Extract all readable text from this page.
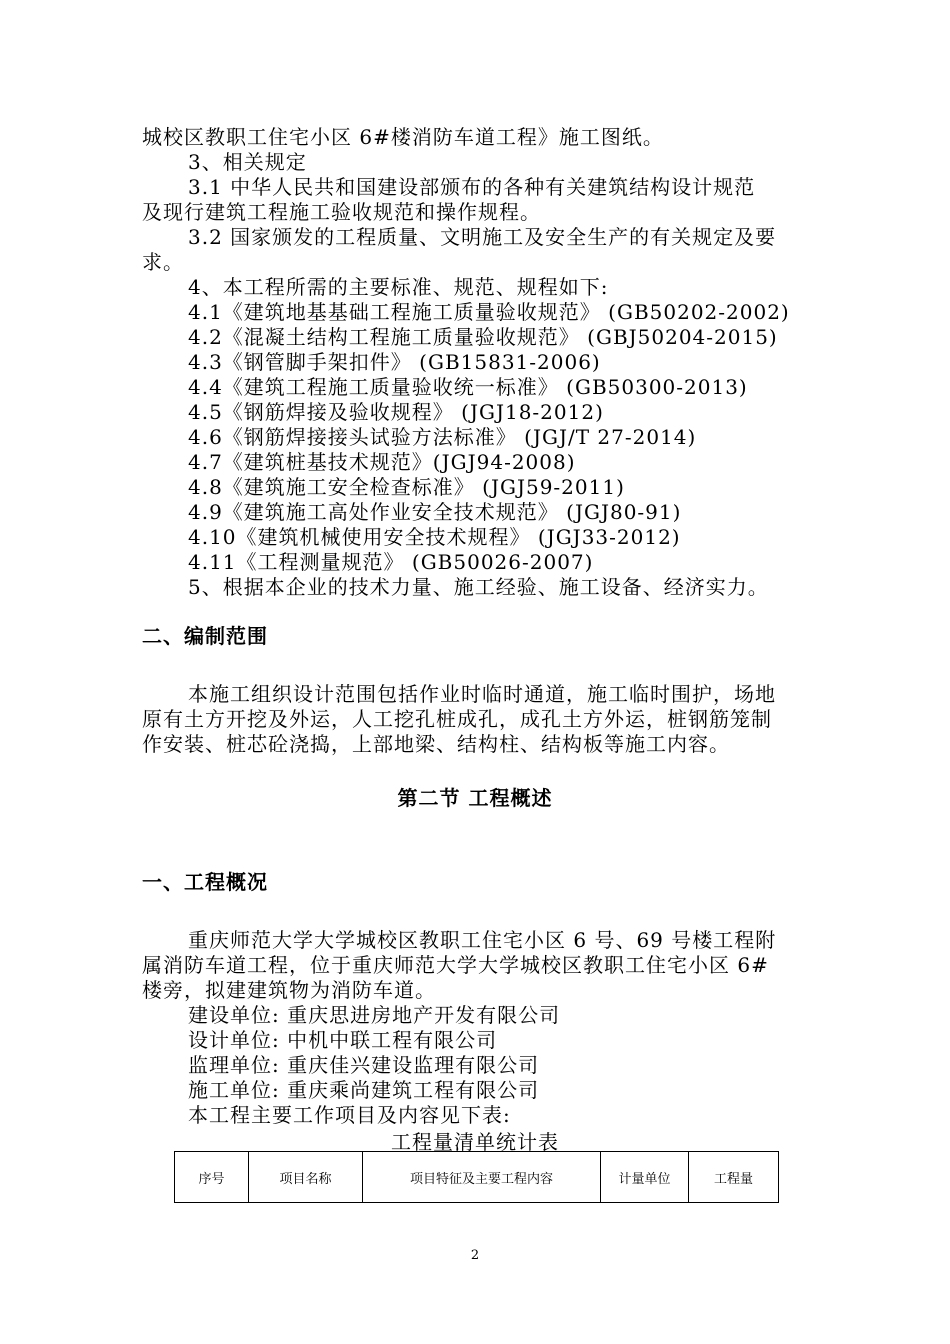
城校区教职工住宅小区 6#楼消防车道工程》施工图纸。
3、相关规定
3.1 中华人民共和国建设部颁布的各种有关建筑结构设计规范
及现行建筑工程施工验收规范和操作规程。
3.2 国家颁发的工程质量、文明施工及安全生产的有关规定及要
求。
4、本工程所需的主要标准、规范、规程如下:
4.1《建筑地基基础工程施工质量验收规范》 (GB50202-2002)
4.2《混凝土结构工程施工质量验收规范》 (GBJ50204-2015)
4.3《钢管脚手架扣件》 (GB15831-2006)
4.4《建筑工程施工质量验收统一标准》 (GB50300-2013)
4.5《钢筋焊接及验收规程》 (JGJ18-2012)
4.6《钢筋焊接接头试验方法标准》 (JGJ/T 27-2014)
4.7《建筑桩基技术规范》(JGJ94-2008)
4.8《建筑施工安全检查标准》 (JGJ59-2011)
4.9《建筑施工高处作业安全技术规范》 (JGJ80-91)
4.10《建筑机械使用安全技术规程》 (JGJ33-2012)
4.11《工程测量规范》 (GB50026-2007)
5、根据本企业的技术力量、施工经验、施工设备、经济实力。
二、编制范围
本施工组织设计范围包括作业时临时通道，施工临时围护，场地
原有土方开挖及外运，人工挖孔桩成孔，成孔土方外运，桩钢筋笼制
作安装、桩芯砼浇捣，上部地梁、结构柱、结构板等施工内容。
第二节 工程概述
一、工程概况
重庆师范大学大学城校区教职工住宅小区 6 号、69 号楼工程附
属消防车道工程，位于重庆师范大学大学城校区教职工住宅小区 6#
楼旁，拟建建筑物为消防车道。
建设单位: 重庆思进房地产开发有限公司
设计单位: 中机中联工程有限公司
监理单位: 重庆佳兴建设监理有限公司
施工单位: 重庆乘尚建筑工程有限公司
本工程主要工作项目及内容见下表:
工程量清单统计表
序号	项目名称	项目特征及主要工程内容	计量单位	工程量
2
